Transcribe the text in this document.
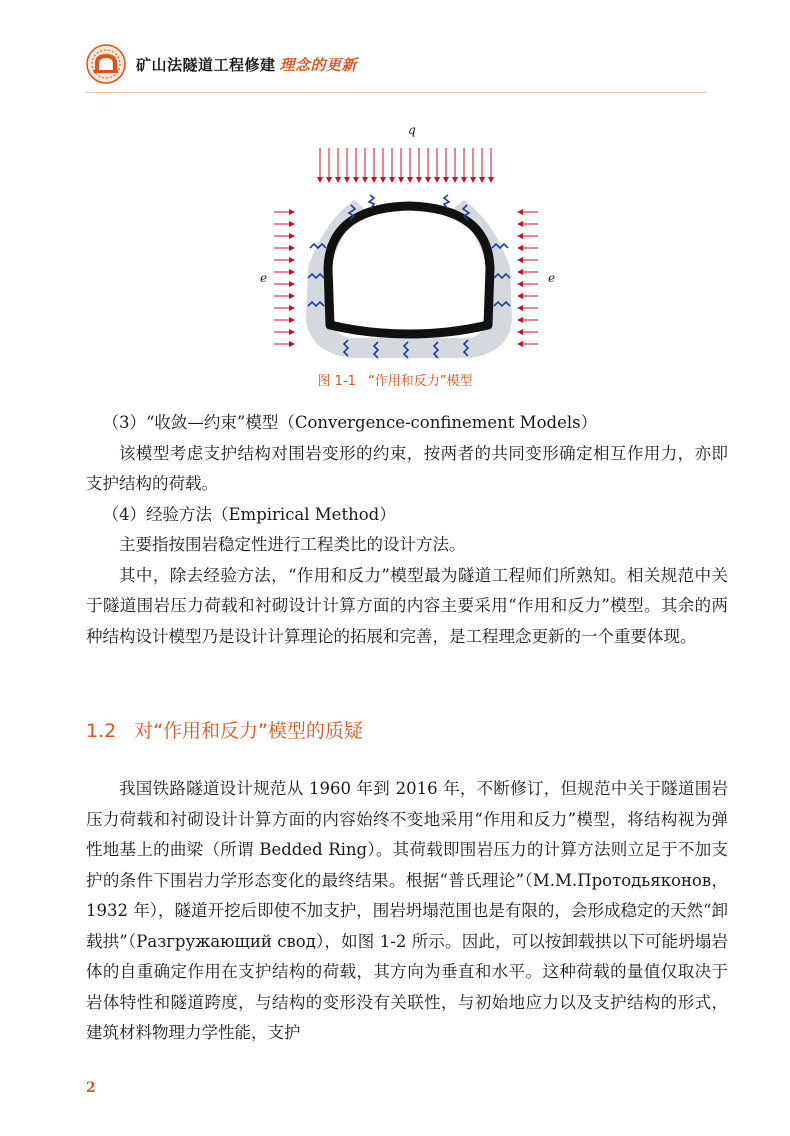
矿山法隧道工程修建 理念的更新
q
e	e
图 1-1 “作用和反力”模型

（3）“收敛—约束”模型（Convergence-confinement Models）

该模型考虑支护结构对围岩变形的约束，按两者的共同变形确定相互作用力，亦即支护结构的荷载。

（4）经验方法（Empirical Method）

主要指按围岩稳定性进行工程类比的设计方法。

其中，除去经验方法，“作用和反力”模型最为隧道工程师们所熟知。相关规范中关于隧道围岩压力荷载和衬砌设计计算方面的内容主要采用“作用和反力”模型。其余的两种结构设计模型乃是设计计算理论的拓展和完善，是工程理念更新的一个重要体现。

1.2 对“作用和反力”模型的质疑

我国铁路隧道设计规范从 1960 年到 2016 年，不断修订，但规范中关于隧道围岩压力荷载和衬砌设计计算方面的内容始终不变地采用“作用和反力”模型，将结构视为弹性地基上的曲梁（所谓 Bedded Ring）。其荷载即围岩压力的计算方法则立足于不加支护的条件下围岩力学形态变化的最终结果。根据“普氏理论”（M.M.Протодьяконов，1932 年），隧道开挖后即使不加支护，围岩坍塌范围也是有限的，会形成稳定的天然“卸载拱”（Разгружающий свод），如图 1-2 所示。因此，可以按卸载拱以下可能坍塌岩体的自重确定作用在支护结构的荷载，其方向为垂直和水平。这种荷载的量值仅取决于岩体特性和隧道跨度，与结构的变形没有关联性，与初始地应力以及支护结构的形式，建筑材料物理力学性能，支护

2
